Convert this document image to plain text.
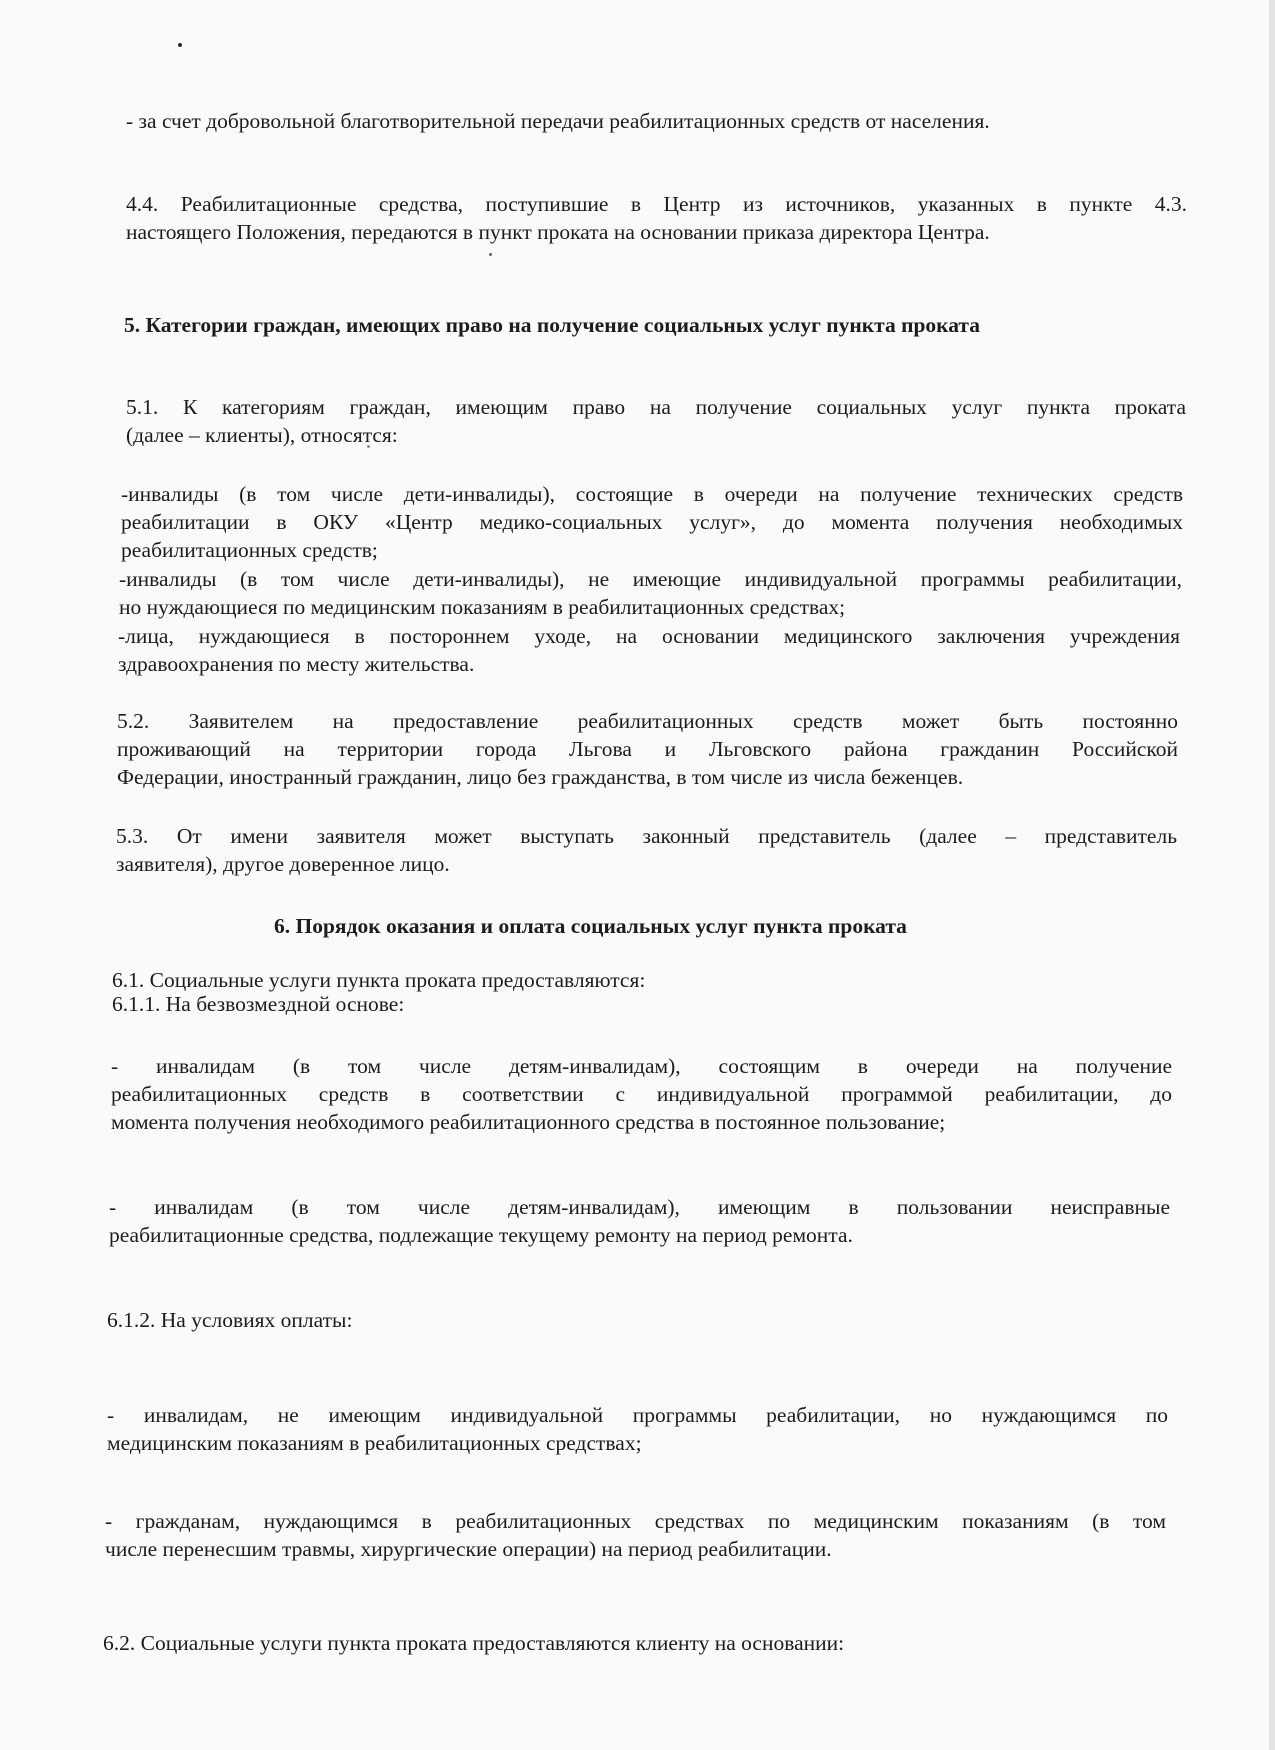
- за счет добровольной благотворительной передачи реабилитационных средств от населения.

4.4. Реабилитационные средства, поступившие в Центр из источников, указанных в пункте 4.3.
настоящего Положения, передаются в пункт проката на основании приказа директора Центра.
5. Категории граждан, имеющих право на получение социальных услуг пункта проката
5.1. К категориям граждан, имеющим право на получение социальных услуг пункта проката
(далее – клиенты), относятся:
-инвалиды (в том числе дети-инвалиды), состоящие в очереди на получение технических средств
реабилитации в ОКУ «Центр медико-социальных услуг», до момента получения необходимых
реабилитационных средств;
-инвалиды (в том числе дети-инвалиды), не имеющие индивидуальной программы реабилитации,
но нуждающиеся по медицинским показаниям в реабилитационных средствах;
-лица, нуждающиеся в постороннем уходе, на основании медицинского заключения учреждения
здравоохранения по месту жительства.
5.2. Заявителем на предоставление реабилитационных средств может быть постоянно
проживающий на территории города Льгова и Льговского района гражданин Российской
Федерации, иностранный гражданин, лицо без гражданства, в том числе из числа беженцев.
5.3. От имени заявителя может выступать законный представитель (далее – представитель
заявителя), другое доверенное лицо.
6. Порядок оказания и оплата социальных услуг пункта проката

6.1. Социальные услуги пункта проката предоставляются:

6.1.1. На безвозмездной основе:

- инвалидам (в том числе детям-инвалидам), состоящим в очереди на получение
реабилитационных средств в соответствии с индивидуальной программой реабилитации, до
момента получения необходимого реабилитационного средства в постоянное пользование;
- инвалидам (в том числе детям-инвалидам), имеющим в пользовании неисправные
реабилитационные средства, подлежащие текущему ремонту на период ремонта.

6.1.2. На условиях оплаты:

- инвалидам, не имеющим индивидуальной программы реабилитации, но нуждающимся по
медицинским показаниям в реабилитационных средствах;
- гражданам, нуждающимся в реабилитационных средствах по медицинским показаниям (в том
числе перенесшим травмы, хирургические операции) на период реабилитации.

6.2. Социальные услуги пункта проката предоставляются клиенту на основании:
